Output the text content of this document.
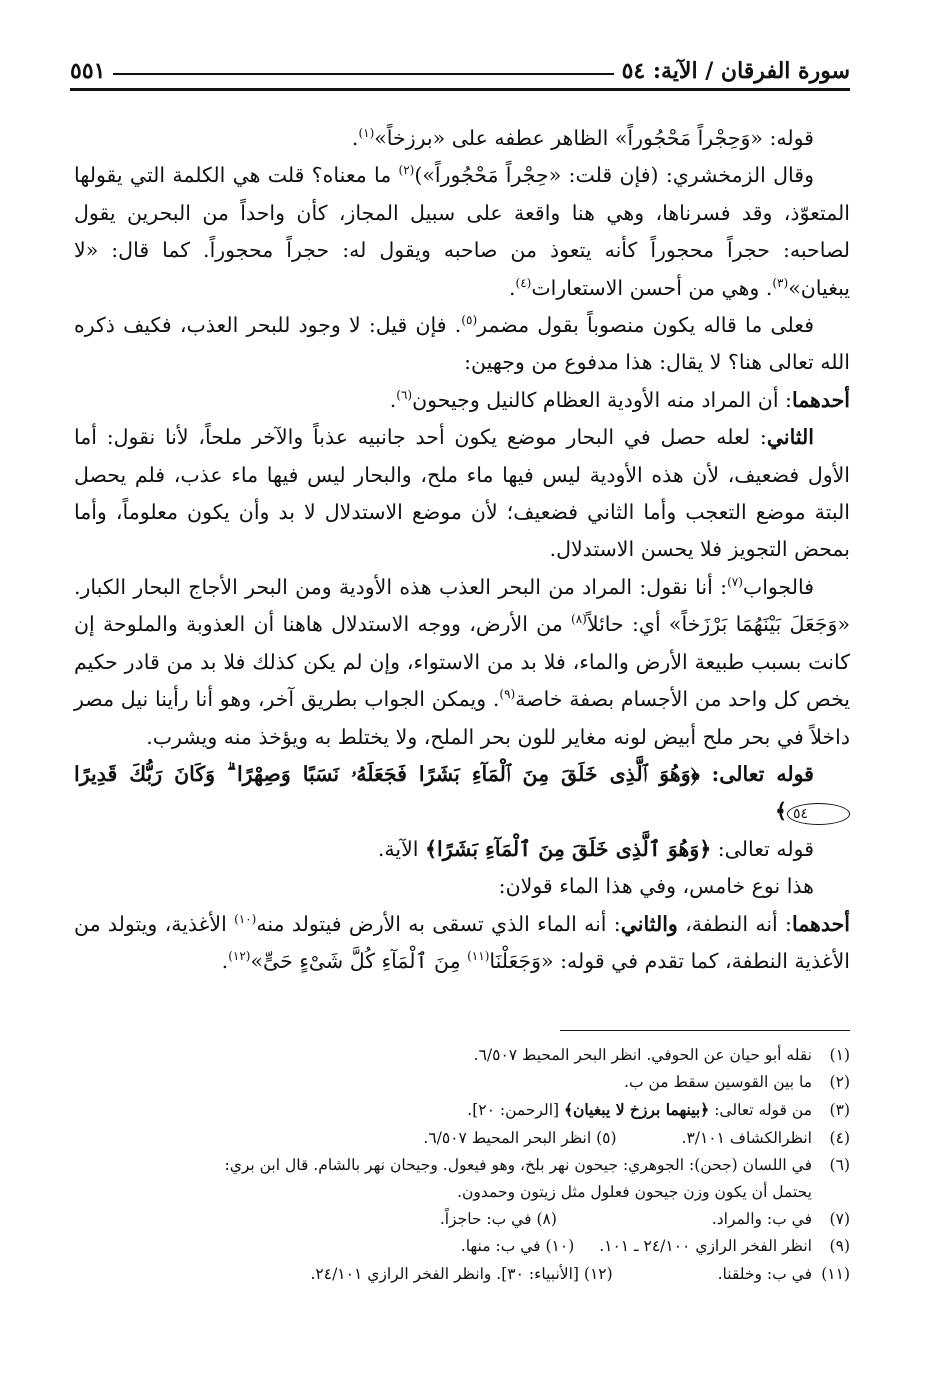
سورة الفرقان / الآية: ٥٤
٥٥١

قوله: «وَحِجْراً مَحْجُوراً» الظاهر عطفه على «برزخاً»$^{(١)}$.

وقال الزمخشري: (فإن قلت: «حِجْراً مَحْجُوراً»)$^{(٢)}$ ما معناه؟ قلت هي الكلمة التي يقولها المتعوّذ، وقد فسرناها، وهي هنا واقعة على سبيل المجاز، كأن واحداً من البحرين يقول لصاحبه: حجراً محجوراً كأنه يتعوذ من صاحبه ويقول له: حجراً محجوراً. كما قال: «لا يبغيان»$^{(٣)}$. وهي من أحسن الاستعارات$^{(٤)}$.

فعلى ما قاله يكون منصوباً بقول مضمر$^{(٥)}$. فإن قيل: لا وجود للبحر العذب، فكيف ذكره الله تعالى هنا؟ لا يقال: هذا مدفوع من وجهين:

أحدهما: أن المراد منه الأودية العظام كالنيل وجيحون$^{(٦)}$.

الثاني: لعله حصل في البحار موضع يكون أحد جانبيه عذباً والآخر ملحاً، لأنا نقول: أما الأول فضعيف، لأن هذه الأودية ليس فيها ماء ملح، والبحار ليس فيها ماء عذب، فلم يحصل البتة موضع التعجب وأما الثاني فضعيف؛ لأن موضع الاستدلال لا بد وأن يكون معلوماً، وأما بمحض التجويز فلا يحسن الاستدلال.

فالجواب$^{(٧)}$: أنا نقول: المراد من البحر العذب هذه الأودية ومن البحر الأجاج البحار الكبار. «وَجَعَلَ بَيْنَهُمَا بَرْزَخاً» أي: حائلاً$^{(٨)}$ من الأرض، ووجه الاستدلال هاهنا أن العذوبة والملوحة إن كانت بسبب طبيعة الأرض والماء، فلا بد من الاستواء، وإن لم يكن كذلك فلا بد من قادر حكيم يخص كل واحد من الأجسام بصفة خاصة$^{(٩)}$. ويمكن الجواب بطريق آخر، وهو أنا رأينا نيل مصر داخلاً في بحر ملح أبيض لونه مغاير للون بحر الملح، ولا يختلط به ويؤخذ منه ويشرب.

قوله تعالى: ﴿وَهُوَ ٱلَّذِى خَلَقَ مِنَ ٱلْمَآءِ بَشَرًا فَجَعَلَهُۥ نَسَبًا وَصِهْرًا ۗ وَكَانَ رَبُّكَ قَدِيرًا ٥٤﴾

قوله تعالى: ﴿وَهُوَ ٱلَّذِى خَلَقَ مِنَ ٱلْمَآءِ بَشَرًا﴾ الآية.

هذا نوع خامس، وفي هذا الماء قولان:

أحدهما: أنه النطفة، والثاني: أنه الماء الذي تسقى به الأرض فيتولد منه$^{(١٠)}$ الأغذية، ويتولد من الأغذية النطفة، كما تقدم في قوله: «وَجَعَلْنَا$^{(١١)}$ مِنَ ٱلْمَآءِ كُلَّ شَىْءٍ حَىٍّ»$^{(١٢)}$.

(١)نقله أبو حيان عن الحوفي. انظر البحر المحيط ٦/٥٠٧.

(٢)ما بين القوسين سقط من ب.

(٣)من قوله تعالى: ﴿بينهما برزخ لا يبغيان﴾ [الرحمن: ٢٠].

(٤)انظرالكشاف ٣/١٠١. (٥) انظر البحر المحيط ٦/٥٠٧.

(٦)في اللسان (جحن): الجوهري: جيحون نهر بلخ، وهو فيعول. وجيحان نهر بالشام. قال ابن بري:
يحتمل أن يكون وزن جيحون فعلول مثل زيتون وحمدون.

(٧)في ب: والمراد. (٨) في ب: حاجزاً.

(٩)انظر الفخر الرازي ٢٤/١٠٠ ـ ١٠١. (١٠) في ب: منها.

(١١)في ب: وخلقنا. (١٢) [الأنبياء: ٣٠]. وانظر الفخر الرازي ٢٤/١٠١.
